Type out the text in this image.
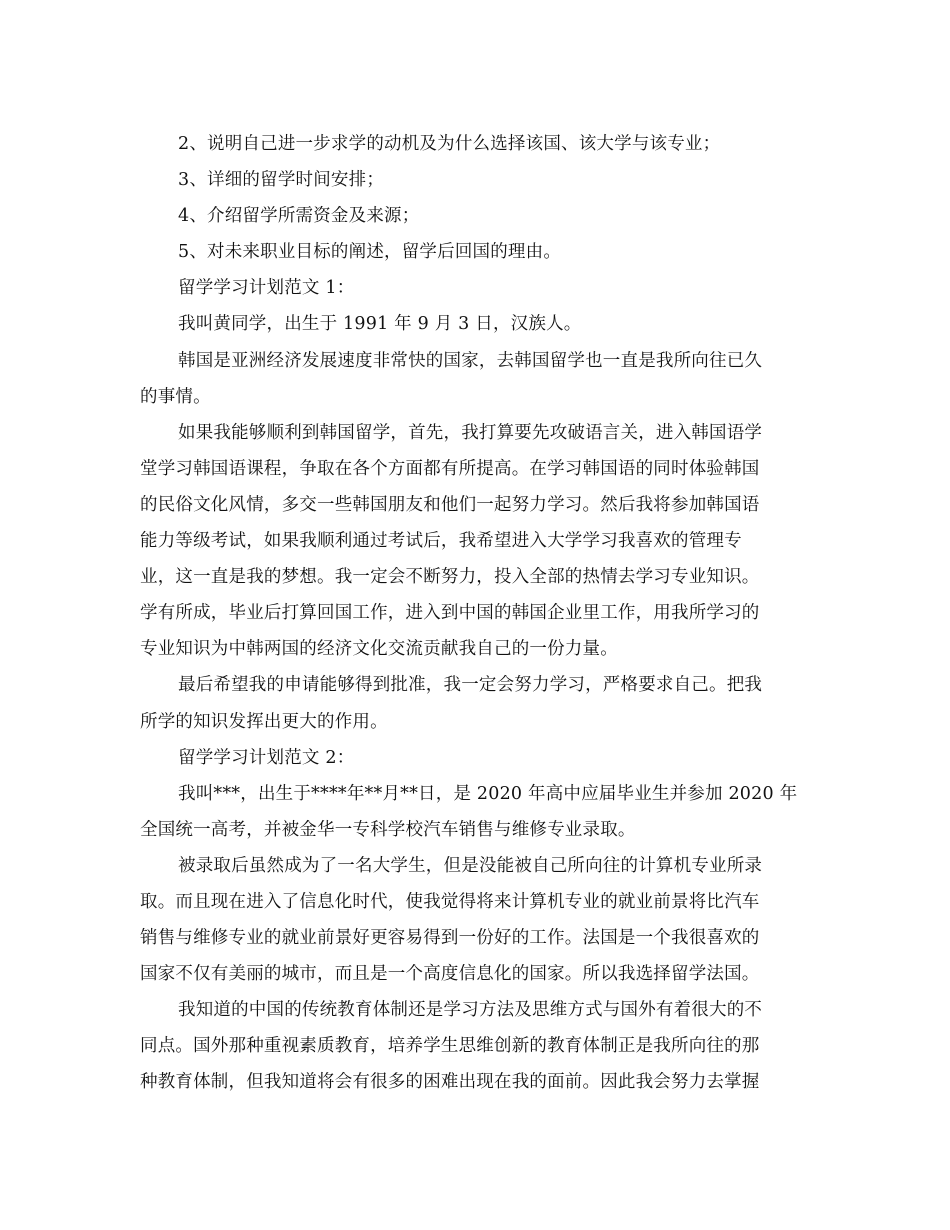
2、说明自己进一步求学的动机及为什么选择该国、该大学与该专业；
3、详细的留学时间安排；
4、介绍留学所需资金及来源；
5、对未来职业目标的阐述，留学后回国的理由。
留学学习计划范文 1：
我叫黄同学，出生于 1991 年 9 月 3 日，汉族人。
韩国是亚洲经济发展速度非常快的国家，去韩国留学也一直是我所向往已久
的事情。
如果我能够顺利到韩国留学，首先，我打算要先攻破语言关，进入韩国语学
堂学习韩国语课程，争取在各个方面都有所提高。在学习韩国语的同时体验韩国
的民俗文化风情，多交一些韩国朋友和他们一起努力学习。然后我将参加韩国语
能力等级考试，如果我顺利通过考试后，我希望进入大学学习我喜欢的管理专
业，这一直是我的梦想。我一定会不断努力，投入全部的热情去学习专业知识。
学有所成，毕业后打算回国工作，进入到中国的韩国企业里工作，用我所学习的
专业知识为中韩两国的经济文化交流贡献我自己的一份力量。
最后希望我的申请能够得到批准，我一定会努力学习，严格要求自己。把我
所学的知识发挥出更大的作用。
留学学习计划范文 2：
我叫***，出生于****年**月**日，是 2020 年高中应届毕业生并参加 2020 年
全国统一高考，并被金华一专科学校汽车销售与维修专业录取。
被录取后虽然成为了一名大学生，但是没能被自己所向往的计算机专业所录
取。而且现在进入了信息化时代，使我觉得将来计算机专业的就业前景将比汽车
销售与维修专业的就业前景好更容易得到一份好的工作。法国是一个我很喜欢的
国家不仅有美丽的城市，而且是一个高度信息化的国家。所以我选择留学法国。
我知道的中国的传统教育体制还是学习方法及思维方式与国外有着很大的不
同点。国外那种重视素质教育，培养学生思维创新的教育体制正是我所向往的那
种教育体制，但我知道将会有很多的困难出现在我的面前。因此我会努力去掌握
